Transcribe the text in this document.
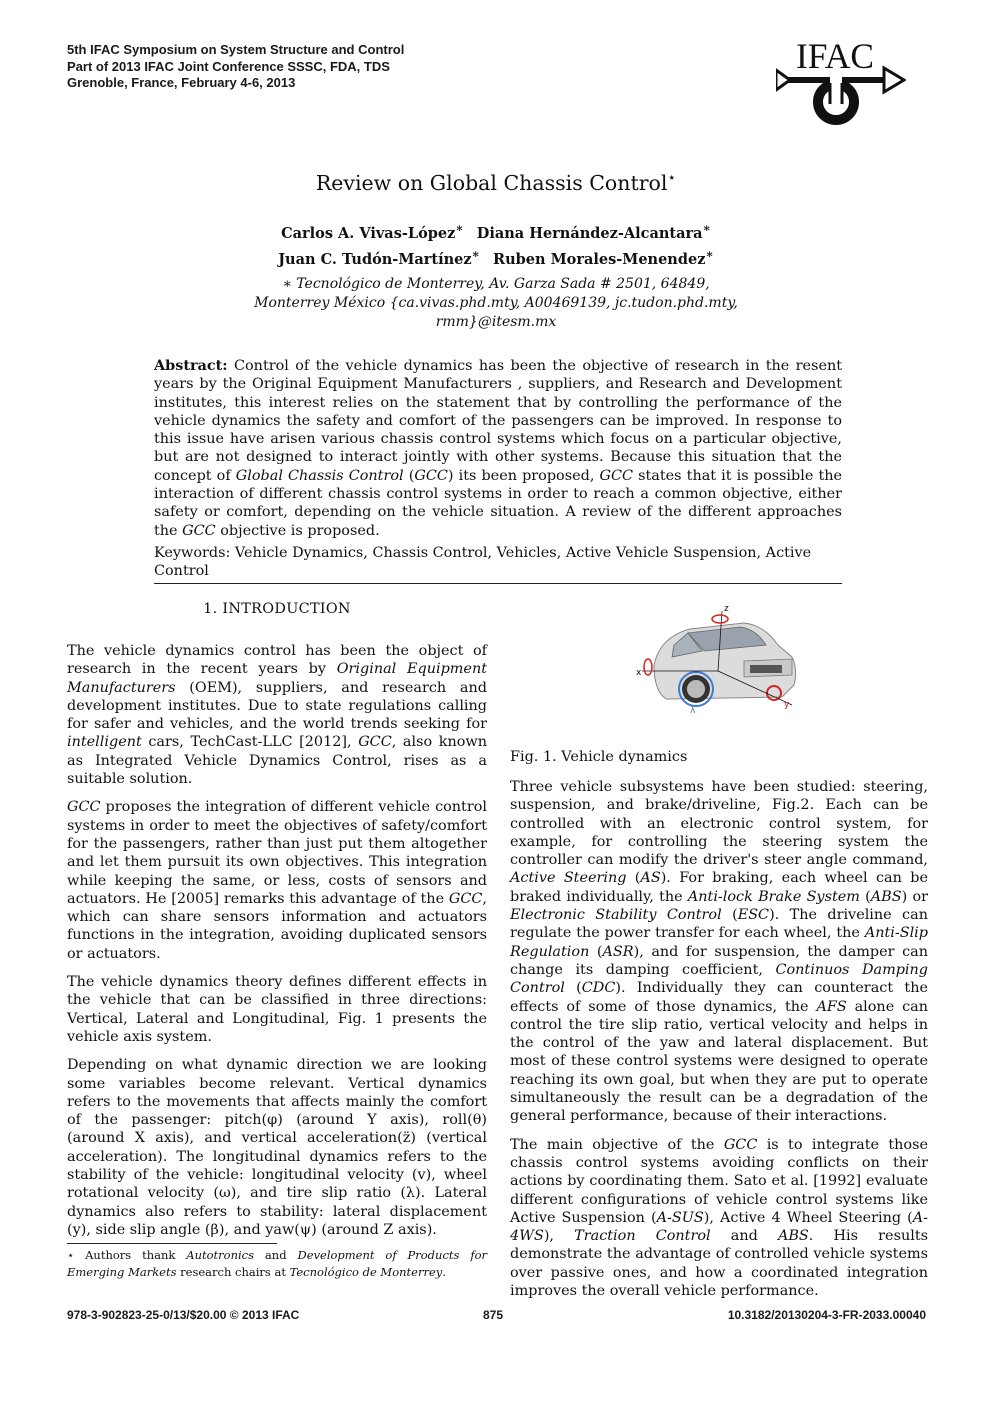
5th IFAC Symposium on System Structure and Control
Part of 2013 IFAC Joint Conference SSSC, FDA, TDS
Grenoble, France, February 4-6, 2013
IFAC
Review on Global Chassis Control⋆
Carlos A. Vivas-López∗ Diana Hernández-Alcantara∗
Juan C. Tudón-Martínez∗ Ruben Morales-Menendez∗
∗ Tecnológico de Monterrey, Av. Garza Sada # 2501, 64849,
Monterrey México {ca.vivas.phd.mty, A00469139, jc.tudon.phd.mty,
rmm}@itesm.mx
Abstract: Control of the vehicle dynamics has been the objective of research in the resent years by the Original Equipment Manufacturers , suppliers, and Research and Development institutes, this interest relies on the statement that by controlling the performance of the vehicle dynamics the safety and comfort of the passengers can be improved. In response to this issue have arisen various chassis control systems which focus on a particular objective, but are not designed to interact jointly with other systems. Because this situation that the concept of Global Chassis Control (GCC) its been proposed, GCC states that it is possible the interaction of different chassis control systems in order to reach a common objective, either safety or comfort, depending on the vehicle situation. A review of the different approaches the GCC objective is proposed.
Keywords: Vehicle Dynamics, Chassis Control, Vehicles, Active Vehicle Suspension, Active Control
1. INTRODUCTION

The vehicle dynamics control has been the object of research in the recent years by Original Equipment Manufacturers (OEM), suppliers, and research and development institutes. Due to state regulations calling for safer and vehicles, and the world trends seeking for intelligent cars, TechCast-LLC [2012], GCC, also known as Integrated Vehicle Dynamics Control, rises as a suitable solution.

GCC proposes the integration of different vehicle control systems in order to meet the objectives of safety/comfort for the passengers, rather than just put them altogether and let them pursuit its own objectives. This integration while keeping the same, or less, costs of sensors and actuators. He [2005] remarks this advantage of the GCC, which can share sensors information and actuators functions in the integration, avoiding duplicated sensors or actuators.

The vehicle dynamics theory defines different effects in the vehicle that can be classified in three directions: Vertical, Lateral and Longitudinal, Fig. 1 presents the vehicle axis system.

Depending on what dynamic direction we are looking some variables become relevant. Vertical dynamics refers to the movements that affects mainly the comfort of the passenger: pitch(φ) (around Y axis), roll(θ) (around X axis), and vertical acceleration(z̈) (vertical acceleration). The longitudinal dynamics refers to the stability of the vehicle: longitudinal velocity (v), wheel rotational velocity (ω), and tire slip ratio (λ). Lateral dynamics also refers to stability: lateral displacement (y), side slip angle (β), and yaw(ψ) (around Z axis).

⋆ Authors thank Autotronics and Development of Products for Emerging Markets research chairs at Tecnológico de Monterrey.
z
x
y
λ
Fig. 1. Vehicle dynamics

Three vehicle subsystems have been studied: steering, suspension, and brake/driveline, Fig.2. Each can be controlled with an electronic control system, for example, for controlling the steering system the controller can modify the driver's steer angle command, Active Steering (AS). For braking, each wheel can be braked individually, the Anti-lock Brake System (ABS) or Electronic Stability Control (ESC). The driveline can regulate the power transfer for each wheel, the Anti-Slip Regulation (ASR), and for suspension, the damper can change its damping coefficient, Continuos Damping Control (CDC). Individually they can counteract the effects of some of those dynamics, the AFS alone can control the tire slip ratio, vertical velocity and helps in the control of the yaw and lateral displacement. But most of these control systems were designed to operate reaching its own goal, but when they are put to operate simultaneously the result can be a degradation of the general performance, because of their interactions.

The main objective of the GCC is to integrate those chassis control systems avoiding conflicts on their actions by coordinating them. Sato et al. [1992] evaluate different configurations of vehicle control systems like Active Suspension (A-SUS), Active 4 Wheel Steering (A-4WS), Traction Control and ABS. His results demonstrate the advantage of controlled vehicle systems over passive ones, and how a coordinated integration improves the overall vehicle performance.

978-3-902823-25-0/13/$20.00 © 2013 IFAC	875	10.3182/20130204-3-FR-2033.00040
